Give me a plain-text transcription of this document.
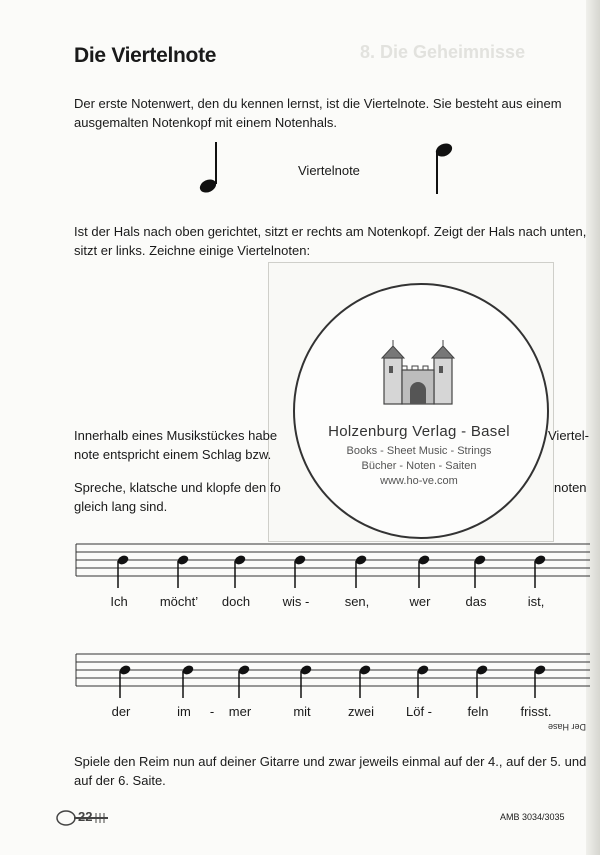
8. Die Geheimnisse
Die Viertelnote
Der erste Notenwert, den du kennen lernst, ist die Viertelnote. Sie besteht aus einem ausgemalten Notenkopf mit einem Notenhals.
Viertelnote
Ist der Hals nach oben gerichtet, sitzt er rechts am Notenkopf. Zeigt der Hals nach unten, sitzt er links. Zeichne einige Viertelnoten:
Holzenburg Verlag - Basel
Books - Sheet Music - Strings
Bücher - Noten - Saiten
www.ho-ve.com
Innerhalb eines Musikstückes habe note entspricht einem Schlag bzw.
Viertel-
Spreche, klatsche und klopfe den fo gleich lang sind.
noten
Ich	möcht’	doch	wis -	sen,	wer	das	ist,
der	im	-	mer	mit	zwei	Löf -	feln	frisst.
Der Hase
Spiele den Reim nun auf deiner Gitarre und zwar jeweils einmal auf der 4., auf der 5. und auf der 6. Saite.
22	AMB 3034/3035
